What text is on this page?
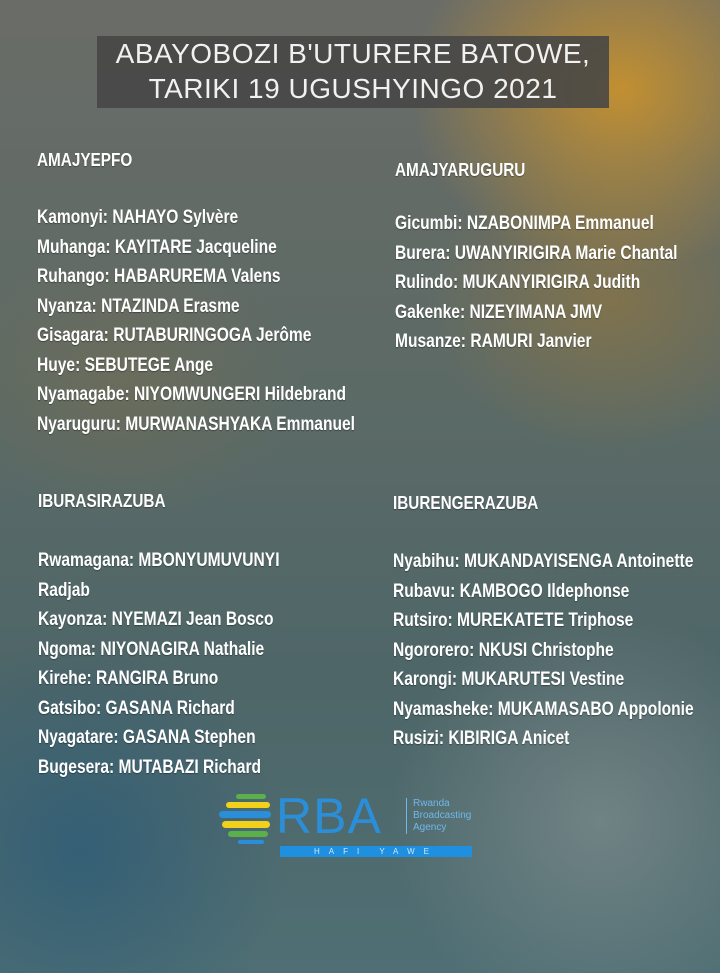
ABAYOBOZI B'UTURERE BATOWE,
TARIKI 19 UGUSHYINGO 2021
AMAJYEPFO
Kamonyi: NAHAYO Sylvère
Muhanga: KAYITARE Jacqueline
Ruhango: HABARUREMA Valens
Nyanza: NTAZINDA Erasme
Gisagara: RUTABURINGOGA Jerôme
Huye: SEBUTEGE Ange
Nyamagabe: NIYOMWUNGERI Hildebrand
Nyaruguru: MURWANASHYAKA Emmanuel
AMAJYARUGURU
Gicumbi: NZABONIMPA Emmanuel
Burera: UWANYIRIGIRA Marie Chantal
Rulindo: MUKANYIRIGIRA Judith
Gakenke: NIZEYIMANA JMV
Musanze: RAMURI Janvier
IBURASIRAZUBA
Rwamagana: MBONYUMUVUNYI
Radjab
Kayonza: NYEMAZI Jean Bosco
Ngoma: NIYONAGIRA Nathalie
Kirehe: RANGIRA Bruno
Gatsibo: GASANA Richard
Nyagatare: GASANA Stephen
Bugesera: MUTABAZI Richard
IBURENGERAZUBA
Nyabihu: MUKANDAYISENGA Antoinette
Rubavu: KAMBOGO Ildephonse
Rutsiro: MUREKATETE Triphose
Ngororero: NKUSI Christophe
Karongi: MUKARUTESI Vestine
Nyamasheke: MUKAMASABO Appolonie
Rusizi: KIBIRIGA Anicet
RBA	Rwanda
Broadcasting
Agency
HAFI YAWE
